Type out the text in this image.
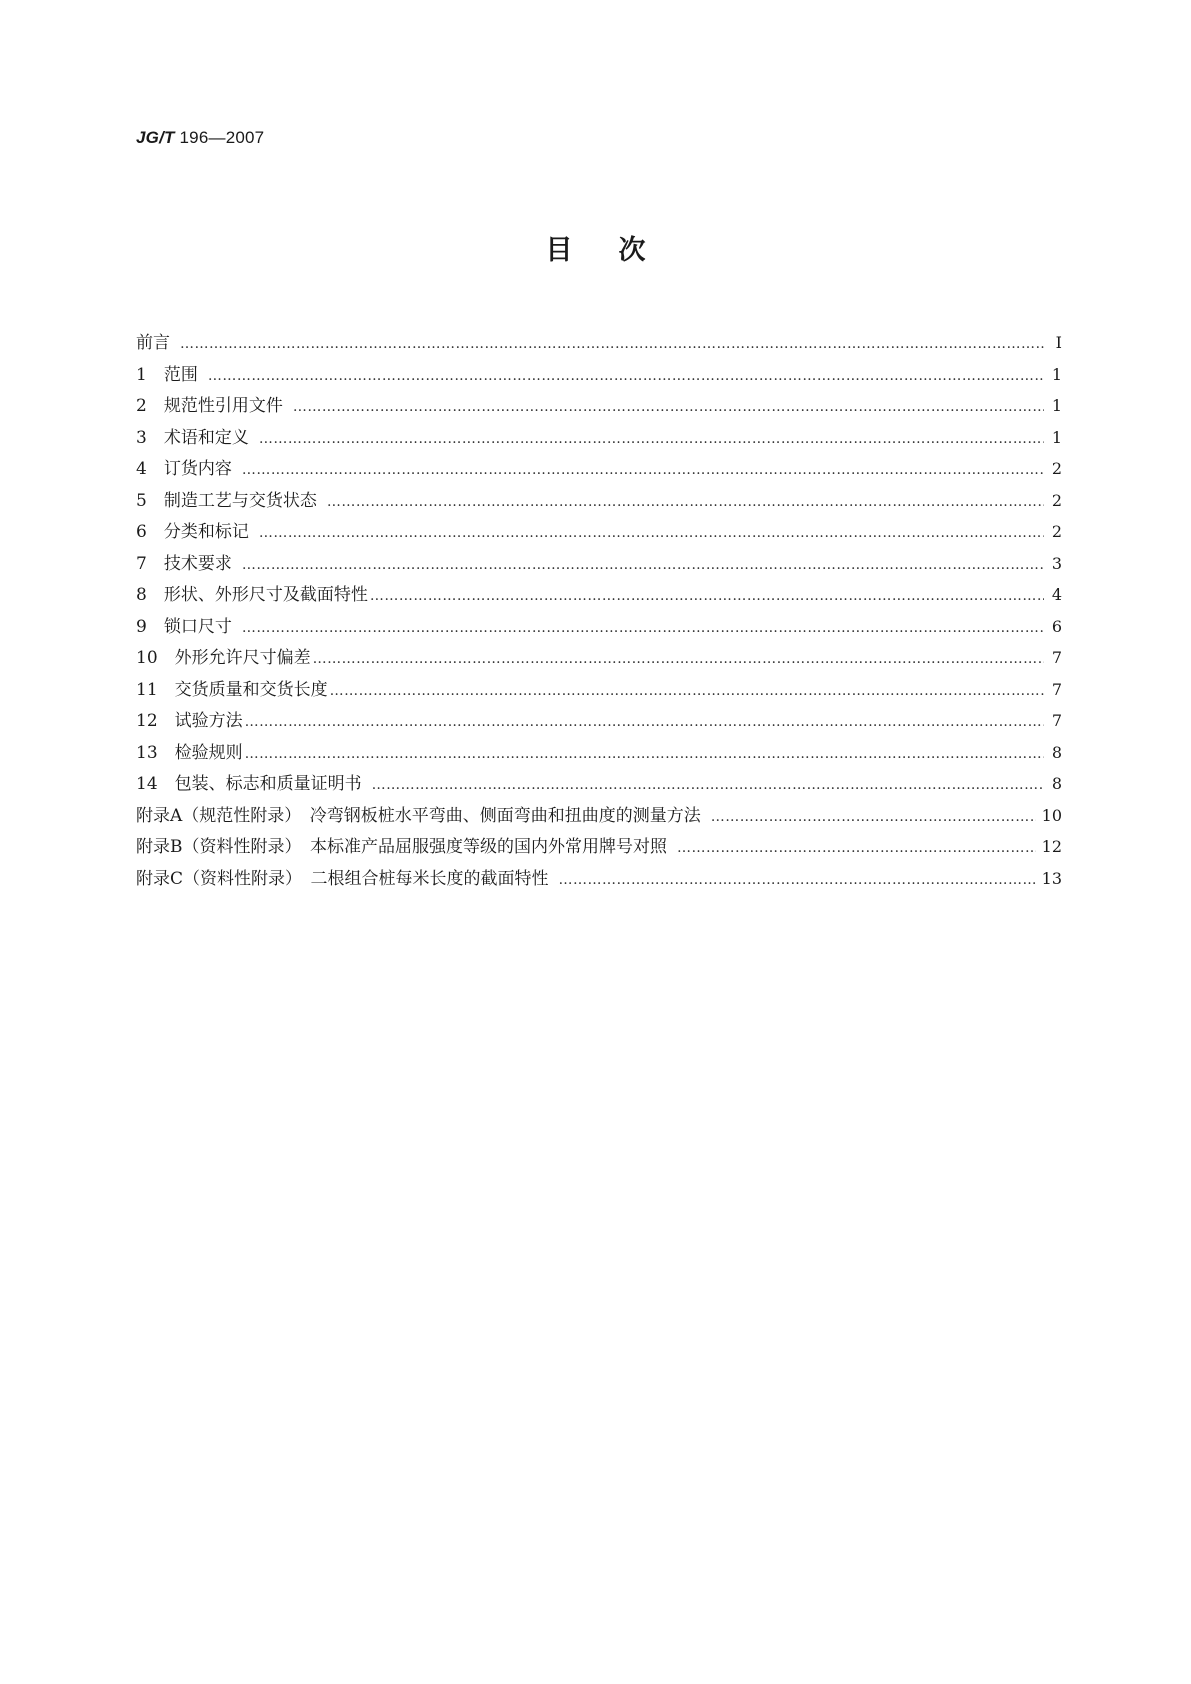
JG/T 196—2007
目次
前言 …………………………………………………………………………………………………………………………………………………………………………	I
1　范围 …………………………………………………………………………………………………………………………………………………………………………	1
2　规范性引用文件 …………………………………………………………………………………………………………………………………………………………………………	1
3　术语和定义 …………………………………………………………………………………………………………………………………………………………………………	1
4　订货内容 …………………………………………………………………………………………………………………………………………………………………………	2
5　制造工艺与交货状态 …………………………………………………………………………………………………………………………………………………………………………	2
6　分类和标记 …………………………………………………………………………………………………………………………………………………………………………	2
7　技术要求 …………………………………………………………………………………………………………………………………………………………………………	3
8　形状、外形尺寸及截面特性 …………………………………………………………………………………………………………………………………………………………………………	4
9　锁口尺寸 …………………………………………………………………………………………………………………………………………………………………………	6
10　外形允许尺寸偏差 …………………………………………………………………………………………………………………………………………………………………………	7
11　交货质量和交货长度 …………………………………………………………………………………………………………………………………………………………………………	7
12　试验方法 …………………………………………………………………………………………………………………………………………………………………………	7
13　检验规则 …………………………………………………………………………………………………………………………………………………………………………	8
14　包装、标志和质量证明书 …………………………………………………………………………………………………………………………………………………………………………	8
附录A（规范性附录）　冷弯钢板桩水平弯曲、侧面弯曲和扭曲度的测量方法 …………………………………………………………………………………………………………………………………………………………………………	10
附录B（资料性附录）　本标准产品屈服强度等级的国内外常用牌号对照 …………………………………………………………………………………………………………………………………………………………………………	12
附录C（资料性附录）　二根组合桩每米长度的截面特性 …………………………………………………………………………………………………………………………………………………………………………	13
